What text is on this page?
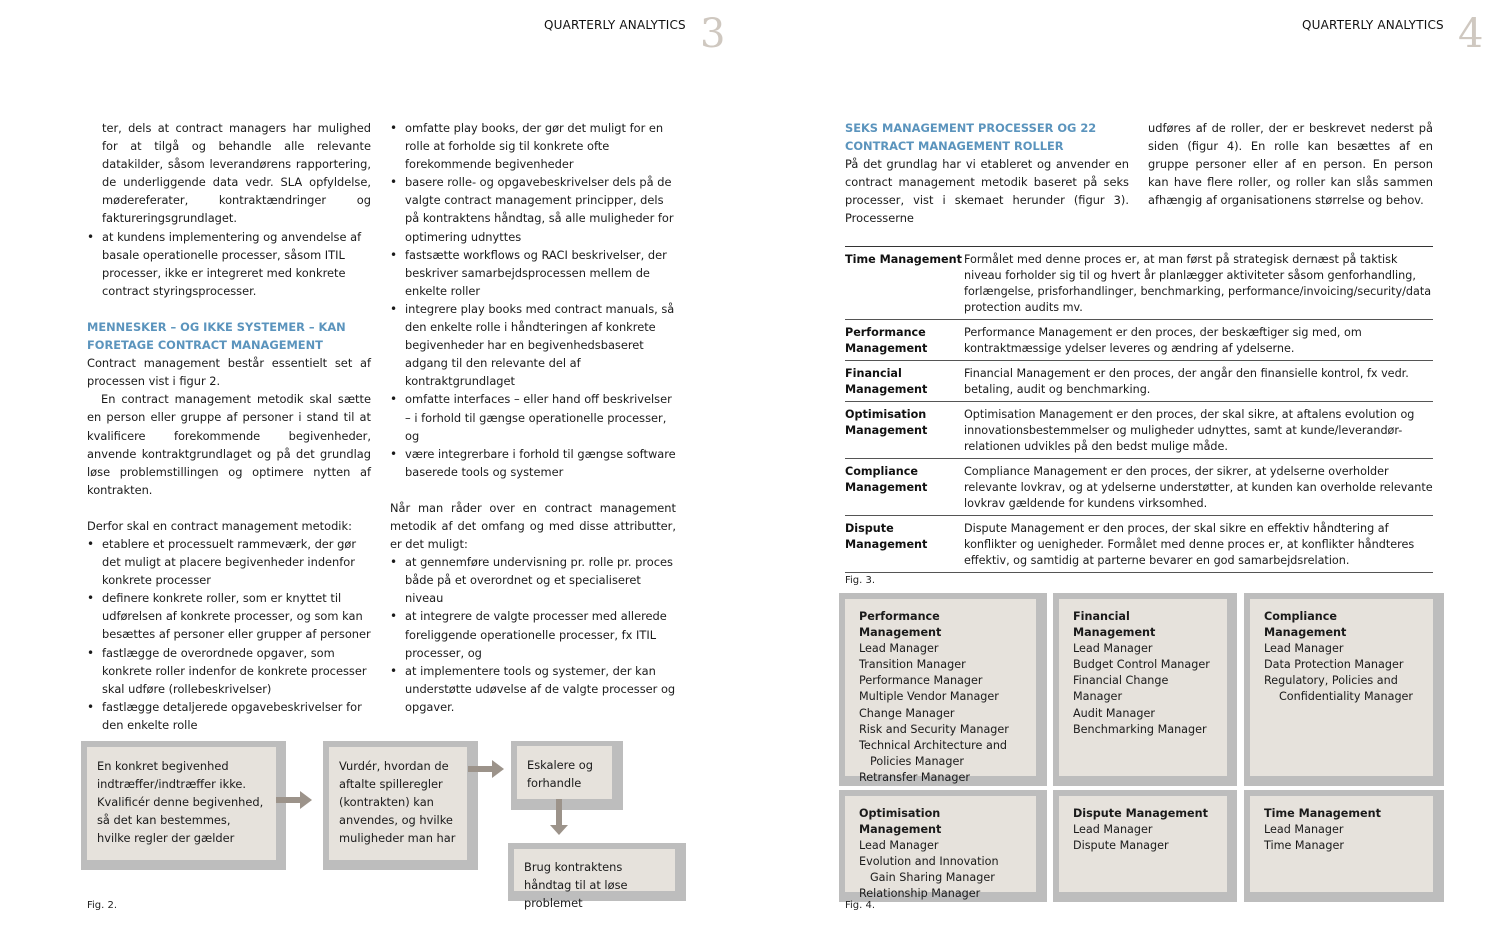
QUARTERLY ANALYTICS 3	QUARTERLY ANALYTICS 4

ter, dels at contract managers har mulighed for at tilgå og behandle alle relevante datakilder, såsom leverandørens rapportering, de underliggende data vedr. SLA opfyldelse, mødereferater, kontraktændringer og faktureringsgrundlaget.

• at kundens implementering og anvendelse af basale operationelle processer, såsom ITIL processer, ikke er integreret med konkrete contract styringsprocesser.
MENNESKER – OG IKKE SYSTEMER – KAN FORETAGE CONTRACT MANAGEMENT

Contract management består essentielt set af processen vist i figur 2.

En contract management metodik skal sætte en person eller gruppe af personer i stand til at kvalificere forekommende begivenheder, anvende kontraktgrundlaget og på det grundlag løse problemstillingen og optimere nytten af kontrakten.

Derfor skal en contract management metodik:

• etablere et processuelt rammeværk, der gør det muligt at placere begivenheder indenfor konkrete processer
• definere konkrete roller, som er knyttet til udførelsen af konkrete processer, og som kan besættes af personer eller grupper af personer
• fastlægge de overordnede opgaver, som konkrete roller indenfor de konkrete processer skal udføre (rollebeskrivelser)
• fastlægge detaljerede opgavebeskrivelser for den enkelte rolle
• omfatte play books, der gør det muligt for en rolle at forholde sig til konkrete ofte forekommende begivenheder
• basere rolle- og opgavebeskrivelser dels på de valgte contract management principper, dels på kontraktens håndtag, så alle muligheder for optimering udnyttes
• fastsætte workflows og RACI beskrivelser, der beskriver samarbejdsprocessen mellem de enkelte roller
• integrere play books med contract manuals, så den enkelte rolle i håndteringen af konkrete begivenheder har en begivenhedsbaseret adgang til den relevante del af kontraktgrundlaget
• omfatte interfaces – eller hand off beskrivelser – i forhold til gængse operationelle processer, og
• være integrerbare i forhold til gængse software baserede tools og systemer

Når man råder over en contract management metodik af det omfang og med disse attributter, er det muligt:

• at gennemføre undervisning pr. rolle pr. proces både på et overordnet og et specialiseret niveau
• at integrere de valgte processer med allerede foreliggende operationelle processer, fx ITIL processer, og
• at implementere tools og systemer, der kan understøtte udøvelse af de valgte processer og opgaver.
En konkret begivenhed indtræffer/indtræffer ikke. Kvalificér denne begivenhed, så det kan bestemmes, hvilke regler der gælder
Vurdér, hvordan de aftalte spilleregler (kontrakten) kan anvendes, og hvilke muligheder man har
Eskalere og forhandle
Brug kontraktens håndtag til at løse problemet
Fig. 2.
SEKS MANAGEMENT PROCESSER OG 22 CONTRACT MANAGEMENT ROLLER

På det grundlag har vi etableret og anvender en contract management metodik baseret på seks processer, vist i skemaet herunder (figur 3). Processerne

udføres af de roller, der er beskrevet nederst på siden (figur 4). En rolle kan besættes af en gruppe personer eller af en person. En person kan have flere roller, og roller kan slås sammen afhængig af organisationens størrelse og behov.

Time Management Formålet med denne proces er, at man først på strategisk dernæst på taktisk niveau forholder sig til og hvert år planlægger aktiviteter såsom genforhandling, forlængelse, prisforhandlinger, benchmarking, performance/invoicing/security/data protection audits mv.
Performance Management
Performance Management er den proces, der beskæftiger sig med, om kontraktmæssige ydelser leveres og ændring af ydelserne.
Financial Management
Financial Management er den proces, der angår den finansielle kontrol, fx vedr. betaling, audit og benchmarking.
Optimisation Management
Optimisation Management er den proces, der skal sikre, at aftalens evolution og innovationsbestemmelser og muligheder udnyttes, samt at kunde/leverandør-relationen udvikles på den bedst mulige måde.
Compliance Management
Compliance Management er den proces, der sikrer, at ydelserne overholder relevante lovkrav, og at ydelserne understøtter, at kunden kan overholde relevante lovkrav gældende for kundens virksomhed.
Dispute Management
Dispute Management er den proces, der skal sikre en effektiv håndtering af konflikter og uenigheder. Formålet med denne proces er, at konflikter håndteres effektiv, og samtidig at parterne bevarer en god samarbejdsrelation.
Fig. 3.
Performance Management
Lead Manager
Transition Manager
Performance Manager
Multiple Vendor Manager
Change Manager
Risk and Security Manager
Technical Architecture and
Policies Manager
Retransfer Manager
Financial Management
Lead Manager
Budget Control Manager
Financial Change Manager
Audit Manager
Benchmarking Manager
Compliance Management
Lead Manager
Data Protection Manager
Regulatory, Policies and
Confidentiality Manager
Optimisation Management
Lead Manager
Evolution and Innovation
Gain Sharing Manager
Relationship Manager
Dispute Management
Lead Manager
Dispute Manager
Time Management
Lead Manager
Time Manager
Fig. 4.
